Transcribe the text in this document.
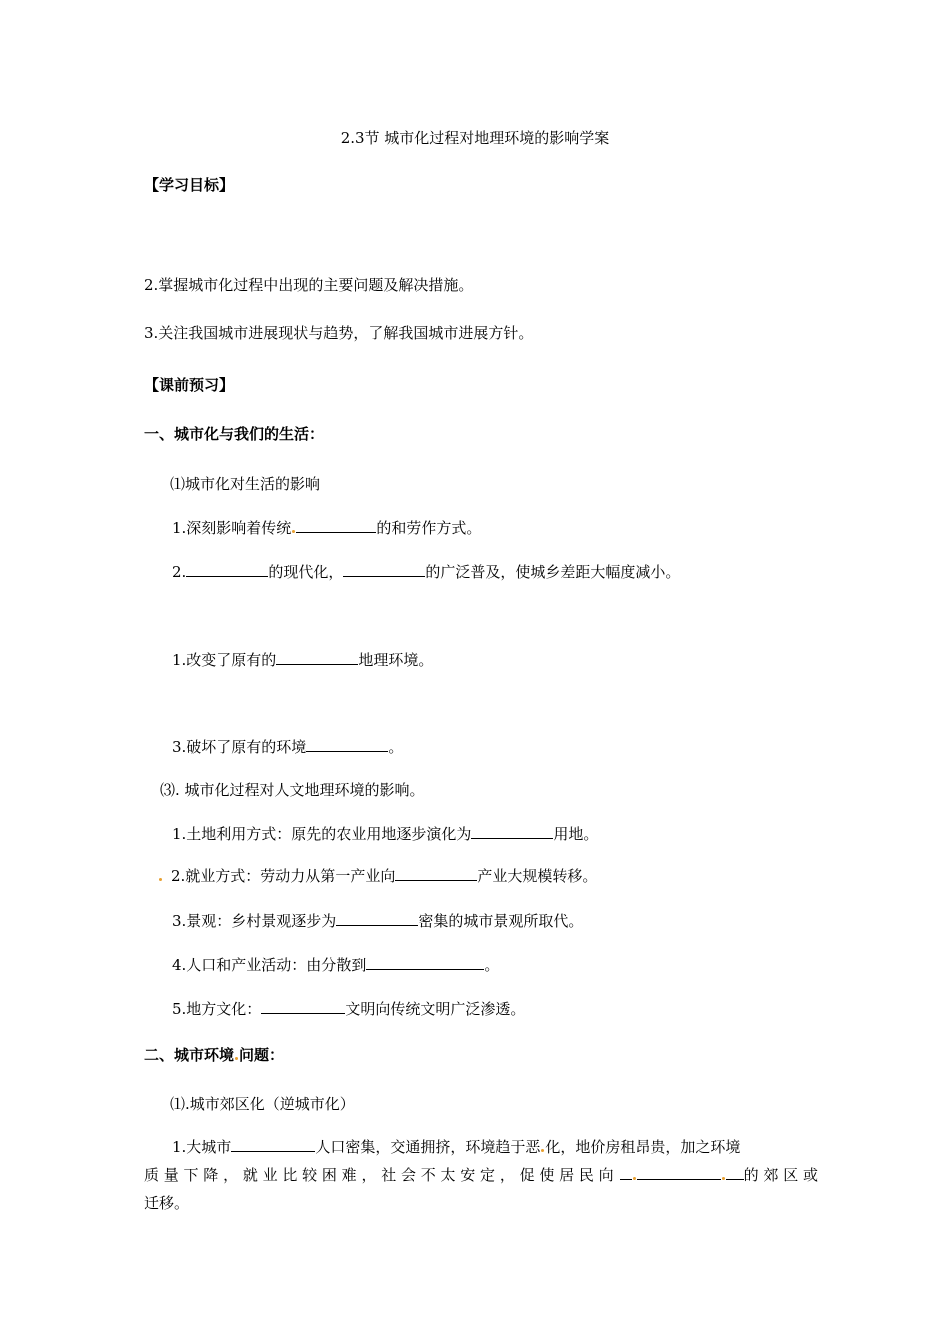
2.3节 城市化过程对地理环境的影响学案
【学习目标】
2.掌握城市化过程中出现的主要问题及解决措施。
3.关注我国城市进展现状与趋势，了解我国城市进展方针。
【课前预习】
一、城市化与我们的生活：
⑴城市化对生活的影响
1.深刻影响着传统	的和劳作方式。
2.	的现代化，	的广泛普及，使城乡差距大幅度减小。
1.改变了原有的	地理环境。
3.破坏了原有的环境	。
⑶. 城市化过程对人文地理环境的影响。
1.土地利用方式：原先的农业用地逐步演化为	用地。
2.就业方式：劳动力从第一产业向	产业大规模转移。
3.景观：乡村景观逐步为	密集的城市景观所取代。
4.人口和产业活动：由分散到	。
5.地方文化：	文明向传统文明广泛渗透。
二、城市环境 问题：
⑴.城市郊区化（逆城市化）
1.大城市	人口密集，交通拥挤，环境趋于恶 化，地价房租昂贵，加之环境
质 量 下 降 ， 就 业 比 较 困 难 ， 社 会 不 太 安 定 ， 促 使 居 民 向	的 郊 区 或
迁移。
